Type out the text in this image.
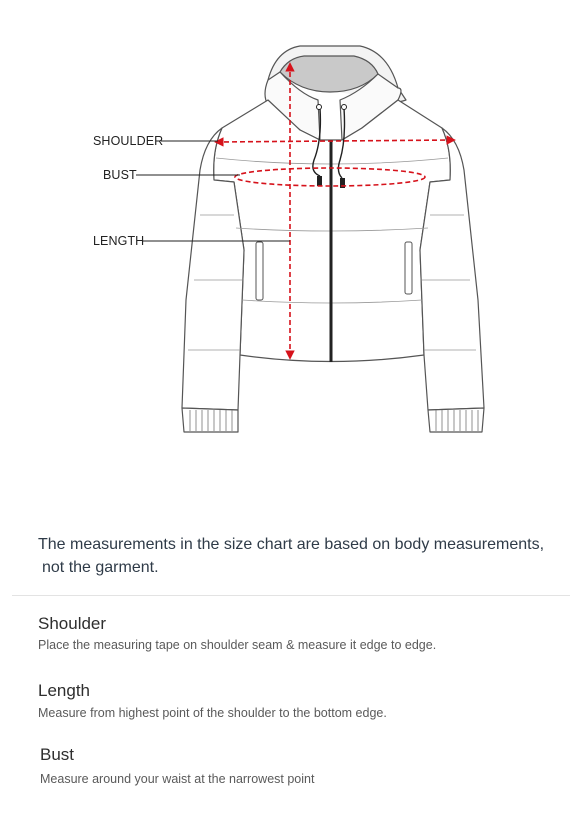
SHOULDER
BUST
LENGTH
The measurements in the size chart are based on body measurements,
not the garment.
Shoulder
Place the measuring tape on shoulder seam & measure it edge to edge.
Length
Measure from highest point of the shoulder to the bottom edge.
Bust
Measure around your waist at the narrowest point
